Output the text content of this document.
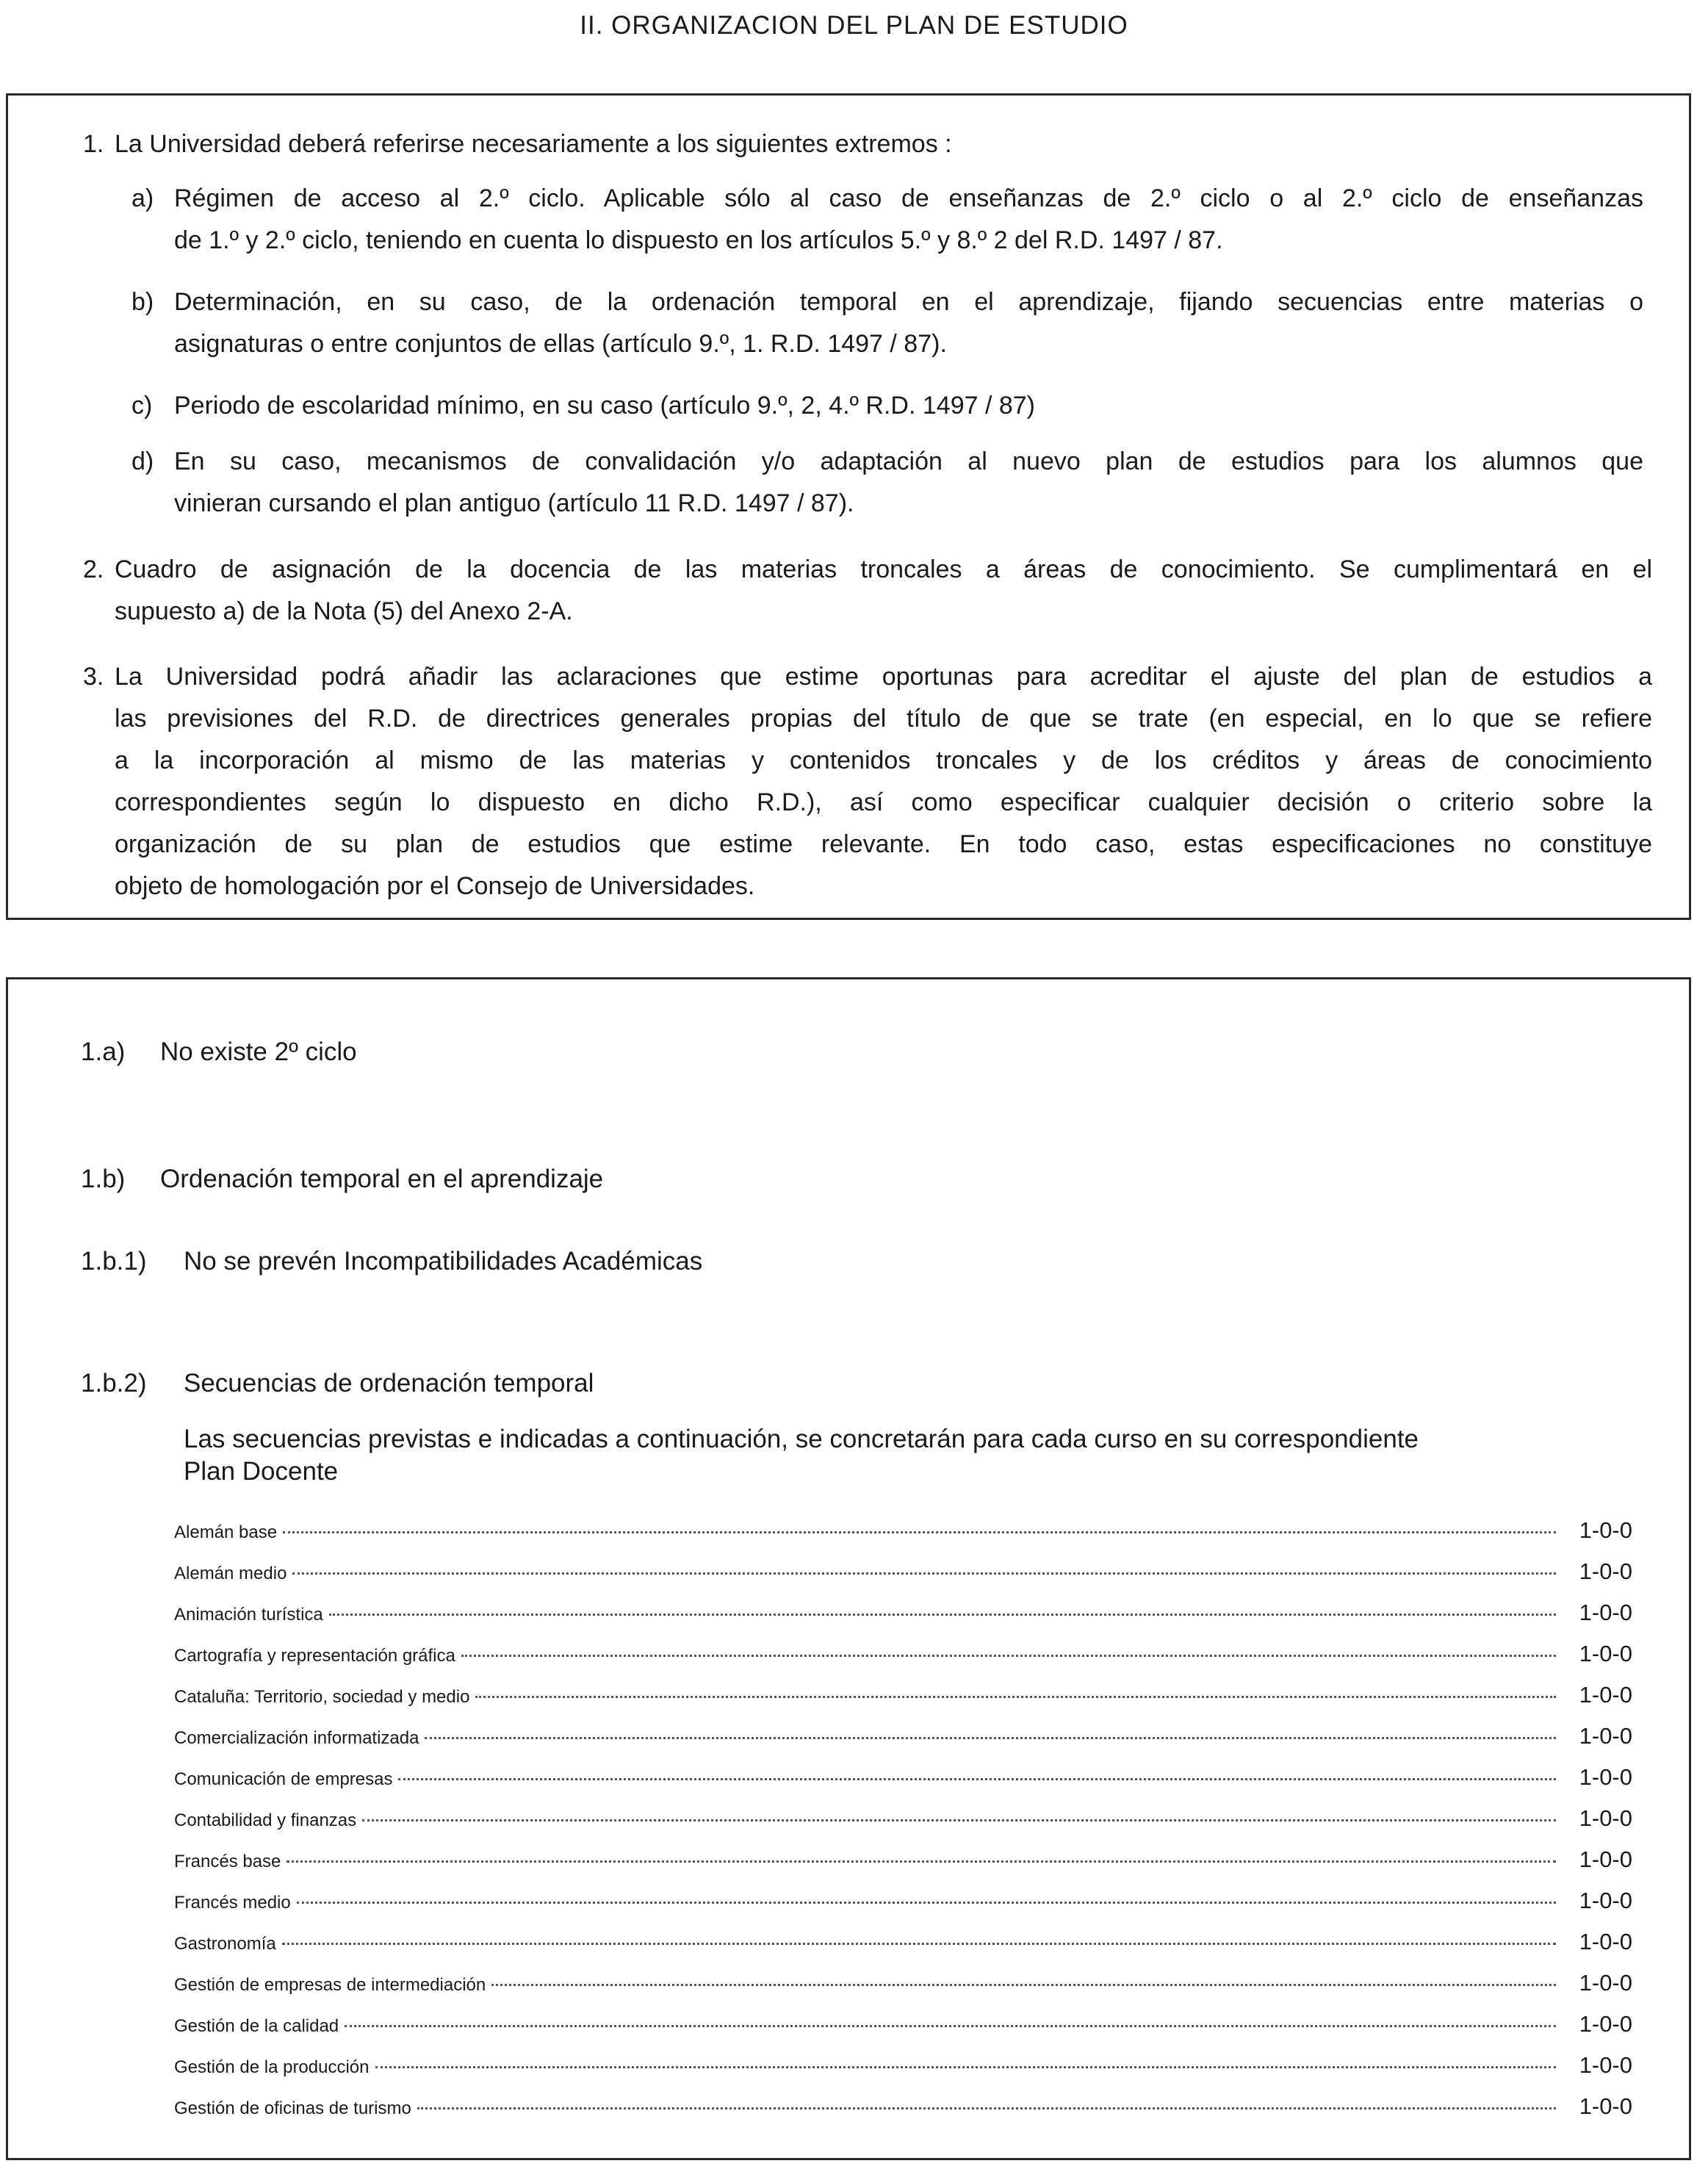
II. ORGANIZACION DEL PLAN DE ESTUDIO
1. La Universidad deberá referirse necesariamente a los siguientes extremos :
a) Régimen de acceso al 2.º ciclo. Aplicable sólo al caso de enseñanzas de 2.º ciclo o al 2.º ciclo de enseñanzas
de 1.º y 2.º ciclo, teniendo en cuenta lo dispuesto en los artículos 5.º y 8.º 2 del R.D. 1497 / 87.
b) Determinación, en su caso, de la ordenación temporal en el aprendizaje, fijando secuencias entre materias o
asignaturas o entre conjuntos de ellas (artículo 9.º, 1. R.D. 1497 / 87).
c) Periodo de escolaridad mínimo, en su caso (artículo 9.º, 2, 4.º R.D. 1497 / 87)
d) En su caso, mecanismos de convalidación y/o adaptación al nuevo plan de estudios para los alumnos que
vinieran cursando el plan antiguo (artículo 11 R.D. 1497 / 87).
2. Cuadro de asignación de la docencia de las materias troncales a áreas de conocimiento. Se cumplimentará en el
supuesto a) de la Nota (5) del Anexo 2-A.
3. La Universidad podrá añadir las aclaraciones que estime oportunas para acreditar el ajuste del plan de estudios a
las previsiones del R.D. de directrices generales propias del título de que se trate (en especial, en lo que se refiere
a la incorporación al mismo de las materias y contenidos troncales y de los créditos y áreas de conocimiento
correspondientes según lo dispuesto en dicho R.D.), así como especificar cualquier decisión o criterio sobre la
organización de su plan de estudios que estime relevante. En todo caso, estas especificaciones no constituye
objeto de homologación por el Consejo de Universidades.
1.a) No existe 2º ciclo
1.b) Ordenación temporal en el aprendizaje
1.b.1) No se prevén Incompatibilidades Académicas
1.b.2) Secuencias de ordenación temporal
Las secuencias previstas e indicadas a continuación, se concretarán para cada curso en su correspondiente
Plan Docente
Alemán base	1-0-0
Alemán medio	1-0-0
Animación turística	1-0-0
Cartografía y representación gráfica	1-0-0
Cataluña: Territorio, sociedad y medio	1-0-0
Comercialización informatizada	1-0-0
Comunicación de empresas	1-0-0
Contabilidad y finanzas	1-0-0
Francés base	1-0-0
Francés medio	1-0-0
Gastronomía	1-0-0
Gestión de empresas de intermediación	1-0-0
Gestión de la calidad	1-0-0
Gestión de la producción	1-0-0
Gestión de oficinas de turismo	1-0-0
